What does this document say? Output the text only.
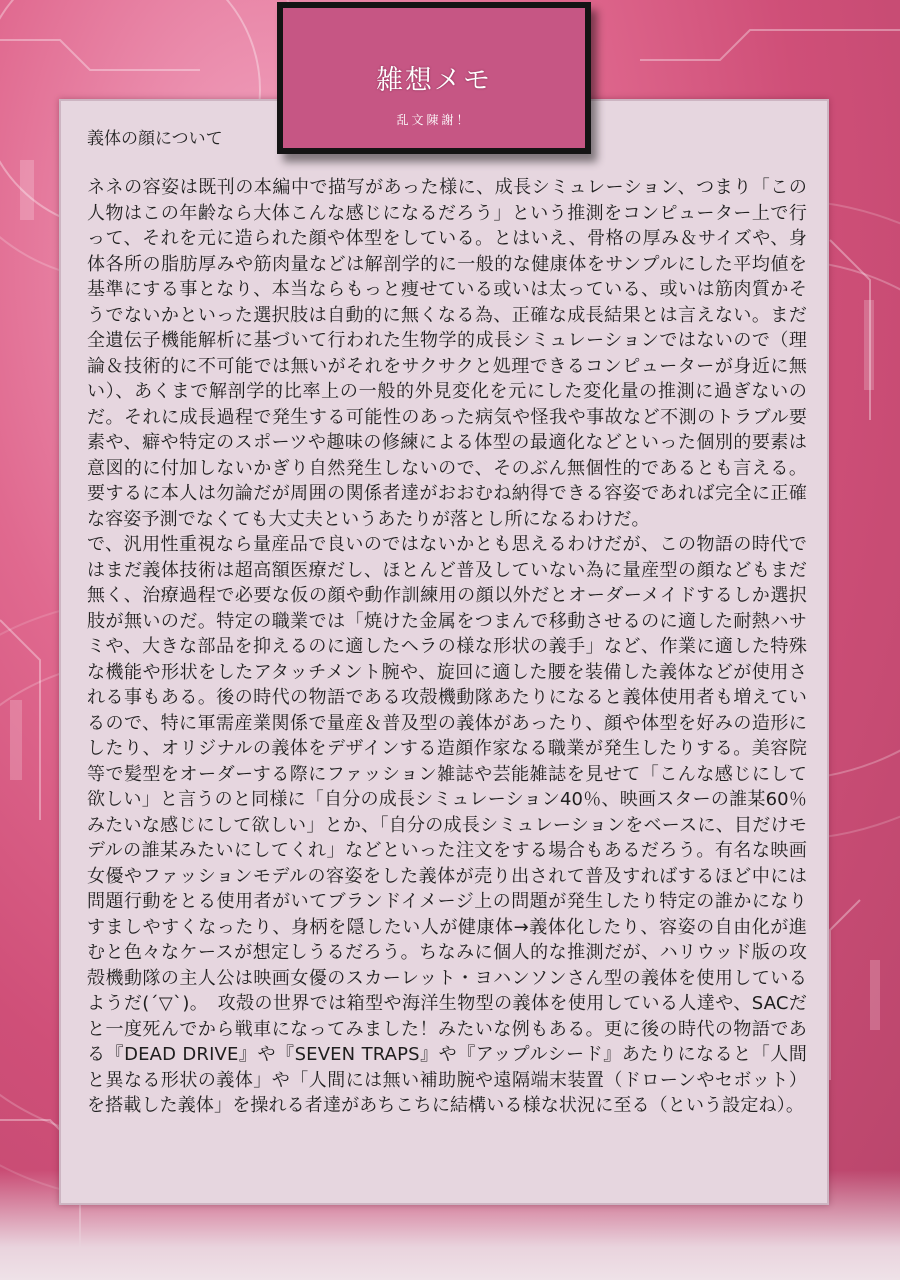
雑想メモ
乱文陳謝！
義体の顔について

ネネの容姿は既刊の本編中で描写があった様に、成長シミュレーション、つまり「この人物はこの年齢なら大体こんな感じになるだろう」という推測をコンピューター上で行って、それを元に造られた顔や体型をしている。とはいえ、骨格の厚み＆サイズや、身体各所の脂肪厚みや筋肉量などは解剖学的に一般的な健康体をサンプルにした平均値を基準にする事となり、本当ならもっと痩せている或いは太っている、或いは筋肉質かそうでないかといった選択肢は自動的に無くなる為、正確な成長結果とは言えない。まだ全遺伝子機能解析に基づいて行われた生物学的成長シミュレーションではないので（理論＆技術的に不可能では無いがそれをサクサクと処理できるコンピューターが身近に無い）、あくまで解剖学的比率上の一般的外見変化を元にした変化量の推測に過ぎないのだ。それに成長過程で発生する可能性のあった病気や怪我や事故など不測のトラブル要素や、癖や特定のスポーツや趣味の修練による体型の最適化などといった個別的要素は意図的に付加しないかぎり自然発生しないので、そのぶん無個性的であるとも言える。要するに本人は勿論だが周囲の関係者達がおおむね納得できる容姿であれば完全に正確な容姿予測でなくても大丈夫というあたりが落とし所になるわけだ。
で、汎用性重視なら量産品で良いのではないかとも思えるわけだが、この物語の時代ではまだ義体技術は超高額医療だし、ほとんど普及していない為に量産型の顔などもまだ無く、治療過程で必要な仮の顔や動作訓練用の顔以外だとオーダーメイドするしか選択肢が無いのだ。特定の職業では「焼けた金属をつまんで移動させるのに適した耐熱ハサミや、大きな部品を抑えるのに適したヘラの様な形状の義手」など、作業に適した特殊な機能や形状をしたアタッチメント腕や、旋回に適した腰を装備した義体などが使用される事もある。後の時代の物語である攻殻機動隊あたりになると義体使用者も増えているので、特に軍需産業関係で量産＆普及型の義体があったり、顔や体型を好みの造形にしたり、オリジナルの義体をデザインする造顔作家なる職業が発生したりする。美容院等で髪型をオーダーする際にファッション雑誌や芸能雑誌を見せて「こんな感じにして欲しい」と言うのと同様に「自分の成長シミュレーション40％、映画スターの誰某60％みたいな感じにして欲しい」とか、「自分の成長シミュレーションをベースに、目だけモデルの誰某みたいにしてくれ」などといった注文をする場合もあるだろう。有名な映画女優やファッションモデルの容姿をした義体が売り出されて普及すればするほど中には問題行動をとる使用者がいてブランドイメージ上の問題が発生したり特定の誰かになりすましやすくなったり、身柄を隠したい人が健康体→義体化したり、容姿の自由化が進むと色々なケースが想定しうるだろう。ちなみに個人的な推測だが、ハリウッド版の攻殻機動隊の主人公は映画女優のスカーレット・ヨハンソンさん型の義体を使用しているようだ(´▽`)。　攻殻の世界では箱型や海洋生物型の義体を使用している人達や、SACだと一度死んでから戦車になってみました！みたいな例もある。更に後の時代の物語である『DEAD DRIVE』や『SEVEN TRAPS』や『アップルシード』あたりになると「人間と異なる形状の義体」や「人間には無い補助腕や遠隔端末装置（ドローンやセボット）を搭載した義体」を操れる者達があちこちに結構いる様な状況に至る（という設定ね）。
